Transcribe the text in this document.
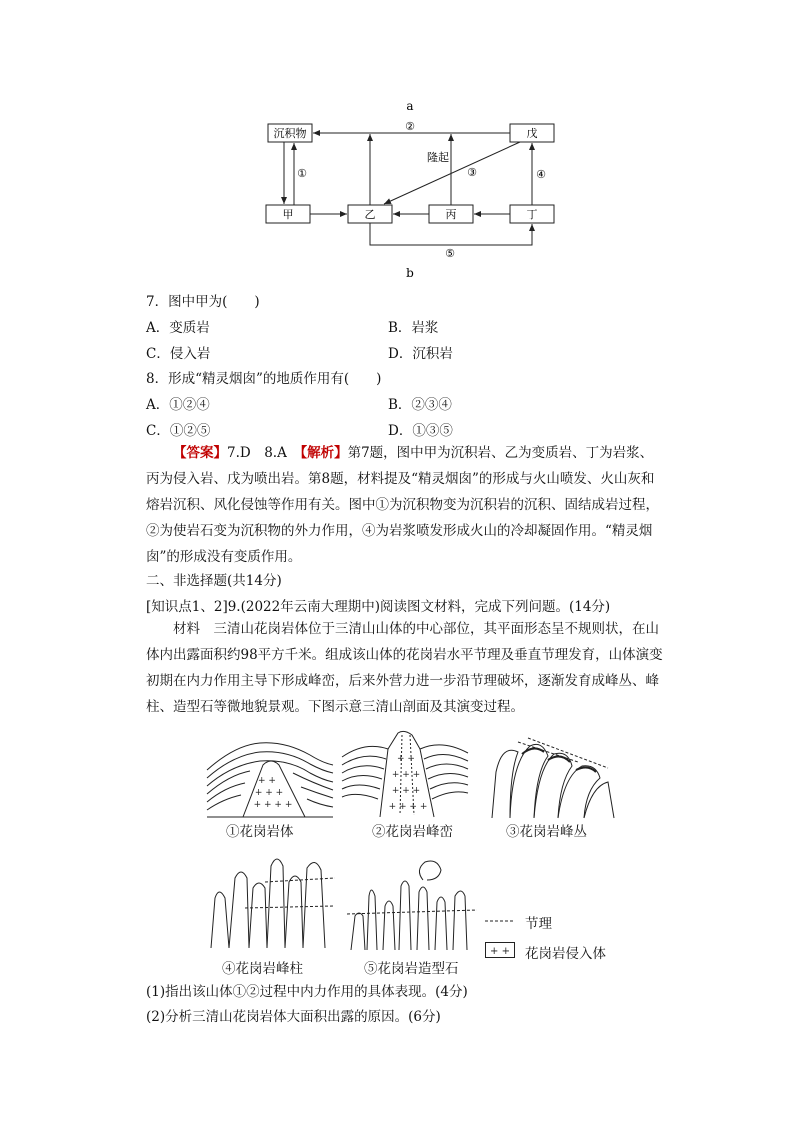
a
b
沉积物	戊
甲	乙	丙	丁
②
①
隆起
③	④
⑤
7．图中甲为(　　)
A．变质岩	B．岩浆
C．侵入岩	D．沉积岩
8．形成“精灵烟囱”的地质作用有(　　)
A．①②④	B．②③④
C．①②⑤	D．①③⑤
【答案】7.D　8.A　 【解析】第7题，图中甲为沉积岩、乙为变质岩、丁为岩浆、丙为侵入岩、戊为喷出岩。第8题，材料提及“精灵烟囱”的形成与火山喷发、火山灰和熔岩沉积、风化侵蚀等作用有关。图中①为沉积物变为沉积岩的沉积、固结成岩过程，②为使岩石变为沉积物的外力作用，④为岩浆喷发形成火山的冷却凝固作用。“精灵烟囱”的形成没有变质作用。
二、非选择题(共14分)
[知识点1、2]9.(2022年云南大理期中)阅读图文材料，完成下列问题。(14分)
材料　三清山花岗岩体位于三清山山体的中心部位，其平面形态呈不规则状，在山体内出露面积约98平方千米。组成该山体的花岗岩水平节理及垂直节理发育，山体演变初期在内力作用主导下形成峰峦，后来外营力进一步沿节理破坏，逐渐发育成峰丛、峰柱、造型石等微地貌景观。下图示意三清山剖面及其演变过程。
+ +
+ + +
+ + + +
①花岗岩体
+ +
+ + +
+ + +
+ + + +
②花岗岩峰峦	③花岗岩峰丛
④花岗岩峰柱	⑤花岗岩造型石
节理
+ + 花岗岩侵入体
(1)指出该山体①②过程中内力作用的具体表现。(4分)
(2)分析三清山花岗岩体大面积出露的原因。(6分)
